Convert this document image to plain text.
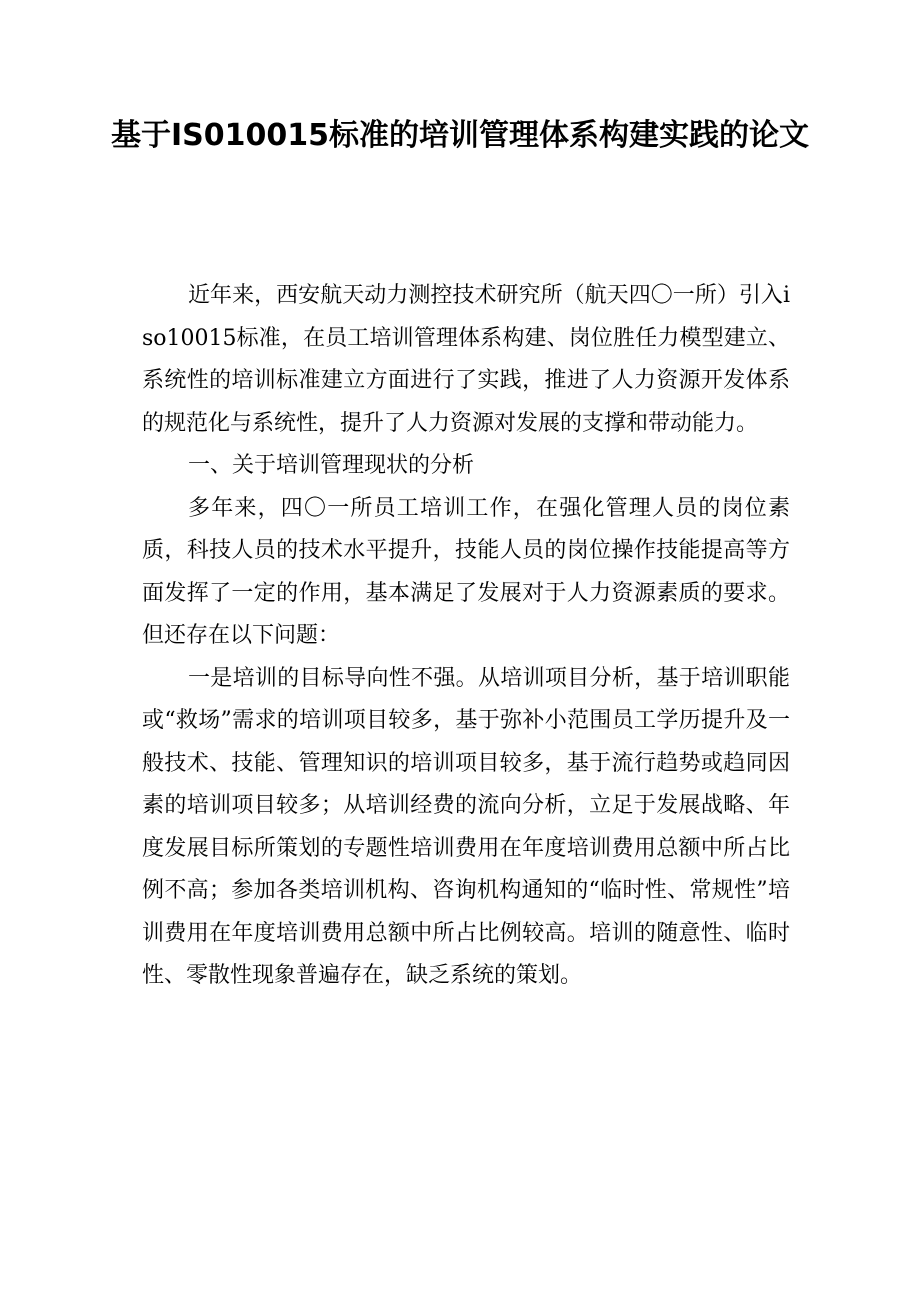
基于IS010015标准的培训管理体系构建实践的论文

近年来，西安航天动力测控技术研究所（航天四〇一所）引入iso10015标准，在员工培训管理体系构建、岗位胜任力模型建立、系统性的培训标准建立方面进行了实践，推进了人力资源开发体系的规范化与系统性，提升了人力资源对发展的支撑和带动能力。

一、关于培训管理现状的分析

多年来，四〇一所员工培训工作，在强化管理人员的岗位素质，科技人员的技术水平提升，技能人员的岗位操作技能提高等方面发挥了一定的作用，基本满足了发展对于人力资源素质的要求。但还存在以下问题：

一是培训的目标导向性不强。从培训项目分析，基于培训职能或“救场”需求的培训项目较多，基于弥补小范围员工学历提升及一般技术、技能、管理知识的培训项目较多，基于流行趋势或趋同因素的培训项目较多；从培训经费的流向分析，立足于发展战略、年度发展目标所策划的专题性培训费用在年度培训费用总额中所占比例不高；参加各类培训机构、咨询机构通知的“临时性、常规性”培训费用在年度培训费用总额中所占比例较高。培训的随意性、临时性、零散性现象普遍存在，缺乏系统的策划。
